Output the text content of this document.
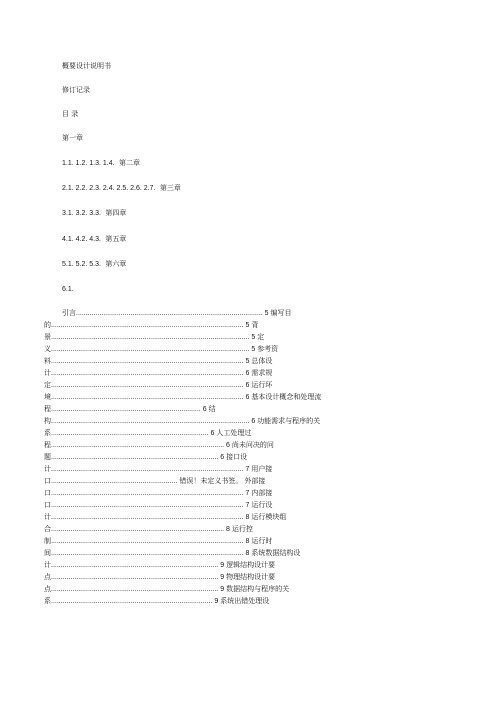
概要设计说明书
修订记录
目 录
第一章
1.1. 1.2. 1.3. 1.4. 第二章
2.1. 2.2. 2.3. 2.4. 2.5. 2.6. 2.7. 第三章
3.1. 3.2. 3.3. 第四章
4.1. 4.2. 4.3. 第五章
5.1. 5.2. 5.3. 第六章
6.1.
引言................................................................................................ 5 编写目
的................................................................................................... 5 背
景...................................................................................................... 5 定
义...................................................................................................... 5 参考资
料................................................................................................... 5 总体设
计................................................................................................... 6 需求规
定................................................................................................... 6 运行环
境................................................................................................... 6 基本设计概念和处理流
程............................................................................. 6 结
构...................................................................................................... 6 功能需求与程序的关
系................................................................................. 6 人工处理过
程......................................................................................... 6 尚未问决的问
题...................................................................................... 6 接口设
计................................................................................................... 7 用户接
口................................................................. 错误！未定义书签。 外部接
口................................................................................................... 7 内部接
口................................................................................................... 7 运行设
计................................................................................................... 8 运行模块组
合......................................................................................... 8 运行控
制................................................................................................... 8 运行时
间................................................................................................... 8 系统数据结构设
计...................................................................................... 9 逻辑结构设计要
点...................................................................................... 9 物理结构设计要
点...................................................................................... 9 数据结构与程序的关
系................................................................................... 9 系统出错处理设
